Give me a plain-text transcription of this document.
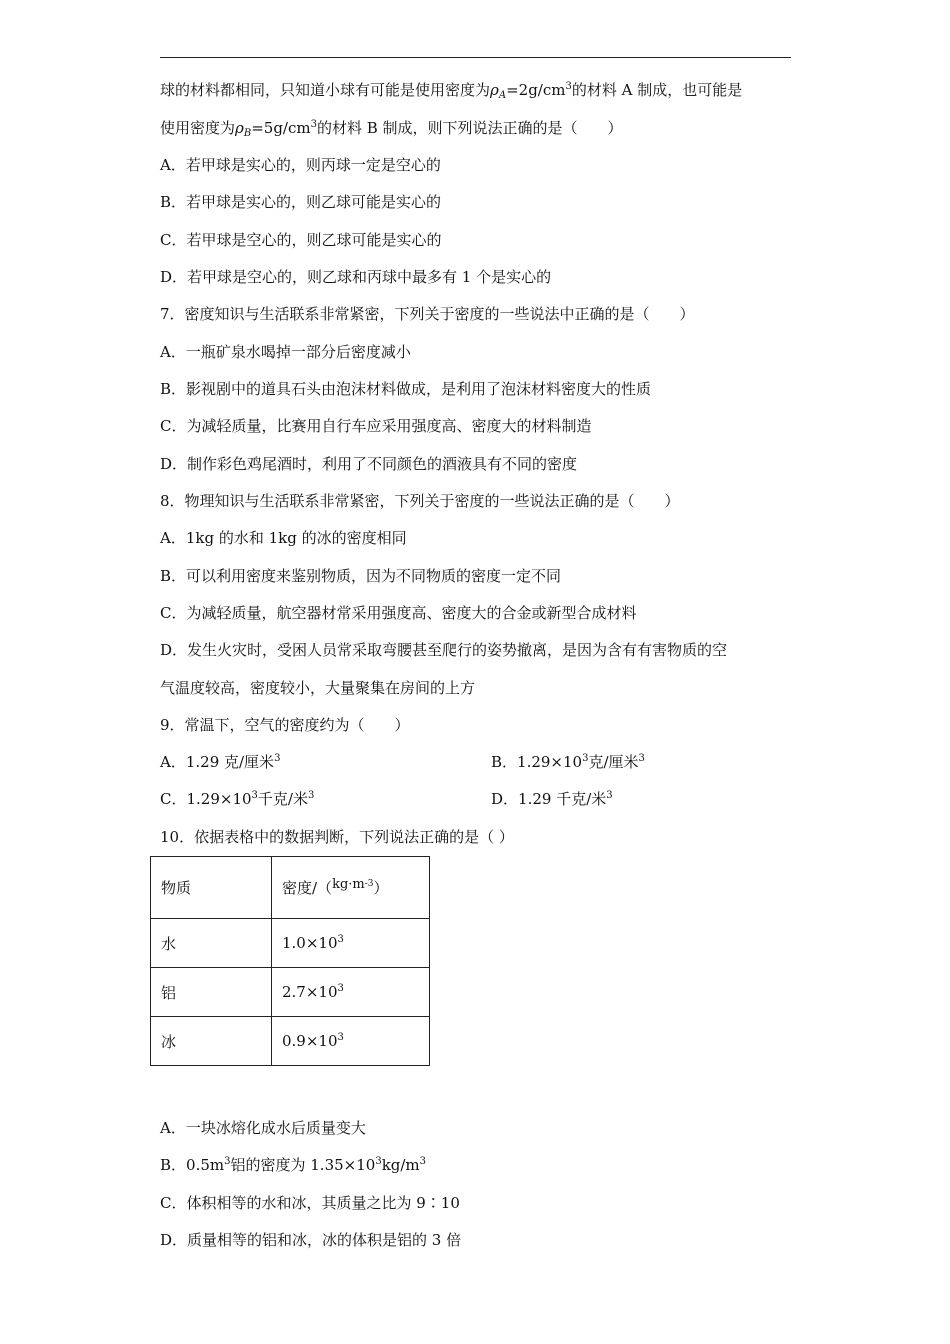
球的材料都相同，只知道小球有可能是使用密度为$\rho_A=2g/cm^3$的材料 A 制成，也可能是
使用密度为$\rho_B=5g/cm^3$的材料 B 制成，则下列说法正确的是（　　）
A．若甲球是实心的，则丙球一定是空心的
B．若甲球是实心的，则乙球可能是实心的
C．若甲球是空心的，则乙球可能是实心的
D．若甲球是空心的，则乙球和丙球中最多有 1 个是实心的
7．密度知识与生活联系非常紧密，下列关于密度的一些说法中正确的是（　　）
A．一瓶矿泉水喝掉一部分后密度减小
B．影视剧中的道具石头由泡沫材料做成，是利用了泡沫材料密度大的性质
C．为减轻质量，比赛用自行车应采用强度高、密度大的材料制造
D．制作彩色鸡尾酒时，利用了不同颜色的酒液具有不同的密度
8．物理知识与生活联系非常紧密，下列关于密度的一些说法正确的是（　　）
A．1kg 的水和 1kg 的冰的密度相同
B．可以利用密度来鉴别物质，因为不同物质的密度一定不同
C．为减轻质量，航空器材常采用强度高、密度大的合金或新型合成材料
D．发生火灾时，受困人员常采取弯腰甚至爬行的姿势撤离，是因为含有有害物质的空
气温度较高，密度较小，大量聚集在房间的上方
9．常温下，空气的密度约为（　　）
A．1.29 克/厘米$^3$	B．$1.29\times 10^3$克/厘米$^3$
C．$1.29\times 10^3$千克/米$^3$	D．1.29 千克/米$^3$
10．依据表格中的数据判断，下列说法正确的是（ ）
物质	密度$/(kg\cdot m^{-3})$
水	$1.0\times 10^3$
铝	$2.7\times 10^3$
冰	$0.9\times 10^3$
A．一块冰熔化成水后质量变大
B．$0.5m^3$铝的密度为 $1.35\times 10^3kg/m^3$
C．体积相等的水和冰，其质量之比为 9∶10
D．质量相等的铝和冰，冰的体积是铝的 3 倍
